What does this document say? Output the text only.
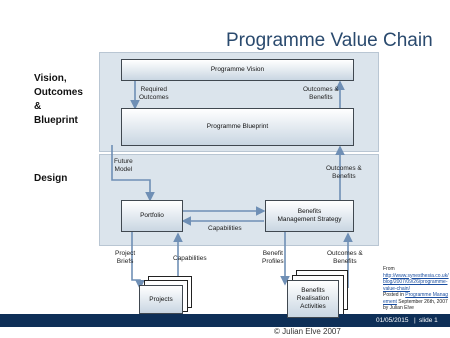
Programme Value Chain
Vision,
Outcomes
&
Blueprint
Design
Programme Vision
Programme Blueprint
Portfolio
Benefits
Management Strategy
Projects
Benefits
Realisation
Activities
Required
Outcomes
Outcomes &
Benefits
Future
Model	Outcomes &
Benefits
Capabilities
Project
Briefs	Capabilities
Benefit
Profiles
Outcomes &
Benefits
From
http://www.synesthesia.co.uk/blog/2007/09/26/programme-value-chain/
Posted in Programme Management September 26th, 2007 by Julian Elve
01/05/2015 | slide 1
© Julian Elve 2007
